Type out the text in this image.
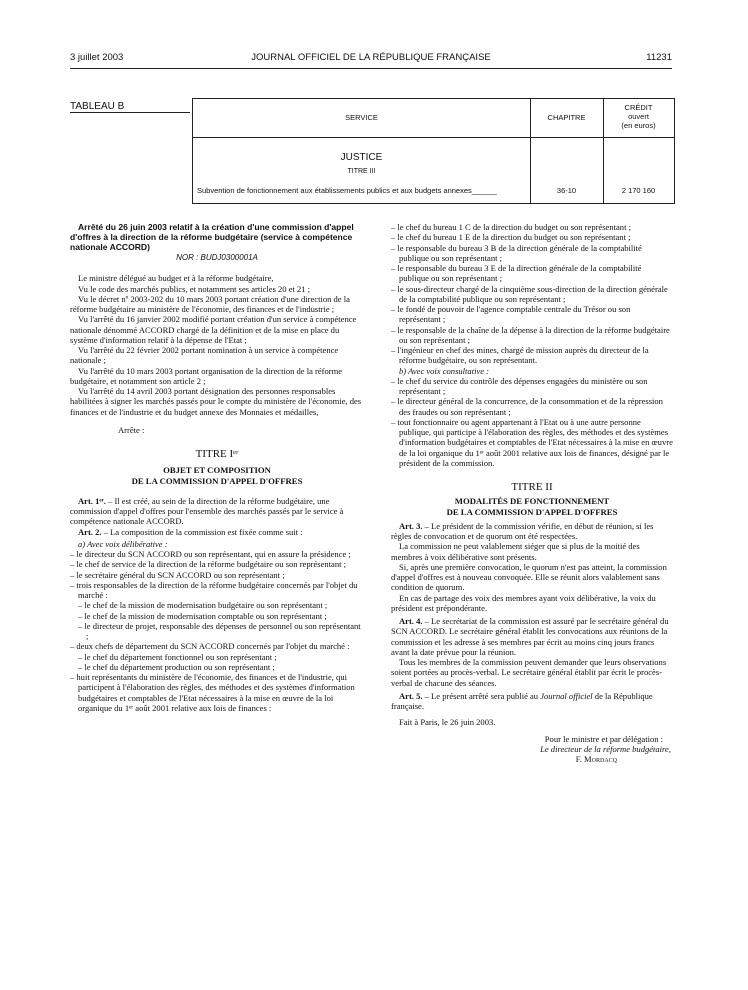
3 juillet 2003	JOURNAL OFFICIEL DE LA RÉPUBLIQUE FRANÇAISE	11231
TABLEAU B
SERVICE	CHAPITRE
CRÉDIT
ouvert
(en euros)
JUSTICE
TITRE III
Subvention de fonctionnement aux établissements publics et aux budgets annexes______	36-10	2 170 160

Arrêté du 26 juin 2003 relatif à la création d'une commission d'appel d'offres à la direction de la réforme budgétaire (service à compétence nationale ACCORD)

NOR : BUDJ0300001A

Le ministre délégué au budget et à la réforme budgétaire,

Vu le code des marchés publics, et notamment ses articles 20 et 21 ;

Vu le décret nº 2003-202 du 10 mars 2003 portant création d'une direction de la réforme budgétaire au ministère de l'économie, des finances et de l'industrie ;

Vu l'arrêté du 16 janvier 2002 modifié portant création d'un service à compétence nationale dénommé ACCORD chargé de la définition et de la mise en place du système d'information relatif à la dépense de l'Etat ;

Vu l'arrêté du 22 février 2002 portant nomination à un service à compétence nationale ;

Vu l'arrêté du 10 mars 2003 portant organisation de la direction de la réforme budgétaire, et notamment son article 2 ;

Vu l'arrêté du 14 avril 2003 portant désignation des personnes responsables habilitées à signer les marchés passés pour le compte du ministère de l'économie, des finances et de l'industrie et du budget annexe des Monnaies et médailles,

Arrête :

TITRE Iᵉʳ
OBJET ET COMPOSITION
DE LA COMMISSION D'APPEL D'OFFRES

Art. 1ᵉʳ. – Il est créé, au sein de la direction de la réforme budgétaire, une commission d'appel d'offres pour l'ensemble des marchés passés par le service à compétence nationale ACCORD.

Art. 2. – La composition de la commission est fixée comme suit :

a) Avec voix délibérative :

– le directeur du SCN ACCORD ou son représentant, qui en assure la présidence ;

– le chef de service de la direction de la réforme budgétaire ou son représentant ;

– le secrétaire général du SCN ACCORD ou son représentant ;

– trois responsables de la direction de la réforme budgétaire concernés par l'objet du marché :

– le chef de la mission de modernisation budgétaire ou son représentant ;

– le chef de la mission de modernisation comptable ou son représentant ;

– le directeur de projet, responsable des dépenses de personnel ou son représentant ;

– deux chefs de département du SCN ACCORD concernés par l'objet du marché :

– le chef du département fonctionnel ou son représentant ;

– le chef du département production ou son représentant ;

– huit représentants du ministère de l'économie, des finances et de l'industrie, qui participent à l'élaboration des règles, des méthodes et des systèmes d'information budgétaires et comptables de l'Etat nécessaires à la mise en œuvre de la loi organique du 1ᵉʳ août 2001 relative aux lois de finances :

– le chef du bureau 1 C de la direction du budget ou son représentant ;

– le chef du bureau 1 E de la direction du budget ou son représentant ;

– le responsable du bureau 3 B de la direction générale de la comptabilité publique ou son représentant ;

– le responsable du bureau 3 E de la direction générale de la comptabilité publique ou son représentant ;

– le sous-directeur chargé de la cinquième sous-direction de la direction générale de la comptabilité publique ou son représentant ;

– le fondé de pouvoir de l'agence comptable centrale du Trésor ou son représentant ;

– le responsable de la chaîne de la dépense à la direction de la réforme budgétaire ou son représentant ;

– l'ingénieur en chef des mines, chargé de mission auprès du directeur de la réforme budgétaire, ou son représentant.

b) Avec voix consultative :

– le chef du service du contrôle des dépenses engagées du ministère ou son représentant ;

– le directeur général de la concurrence, de la consommation et de la répression des fraudes ou son représentant ;

– tout fonctionnaire ou agent appartenant à l'Etat ou à une autre personne publique, qui participe à l'élaboration des règles, des méthodes et des systèmes d'information budgétaires et comptables de l'Etat nécessaires à la mise en œuvre de la loi organique du 1ᵉʳ août 2001 relative aux lois de finances, désigné par le président de la commission.

TITRE II
MODALITÉS DE FONCTIONNEMENT
DE LA COMMISSION D'APPEL D'OFFRES

Art. 3. – Le président de la commission vérifie, en début de réunion, si les règles de convocation et de quorum ont été respectées.

La commission ne peut valablement siéger que si plus de la moitié des membres à voix délibérative sont présents.

Si, après une première convocation, le quorum n'est pas atteint, la commission d'appel d'offres est à nouveau convoquée. Elle se réunit alors valablement sans condition de quorum.

En cas de partage des voix des membres ayant voix délibérative, la voix du président est prépondérante.

Art. 4. – Le secrétariat de la commission est assuré par le secrétaire général du SCN ACCORD. Le secrétaire général établit les convocations aux réunions de la commission et les adresse à ses membres par écrit au moins cinq jours francs avant la date prévue pour la réunion.

Tous les membres de la commission peuvent demander que leurs observations soient portées au procès-verbal. Le secrétaire général établit par écrit le procès-verbal de chacune des séances.

Art. 5. – Le présent arrêté sera publié au Journal officiel de la République française.

Fait à Paris, le 26 juin 2003.

Pour le ministre et par délégation :

Le directeur de la réforme budgétaire,

F. Mordacq
